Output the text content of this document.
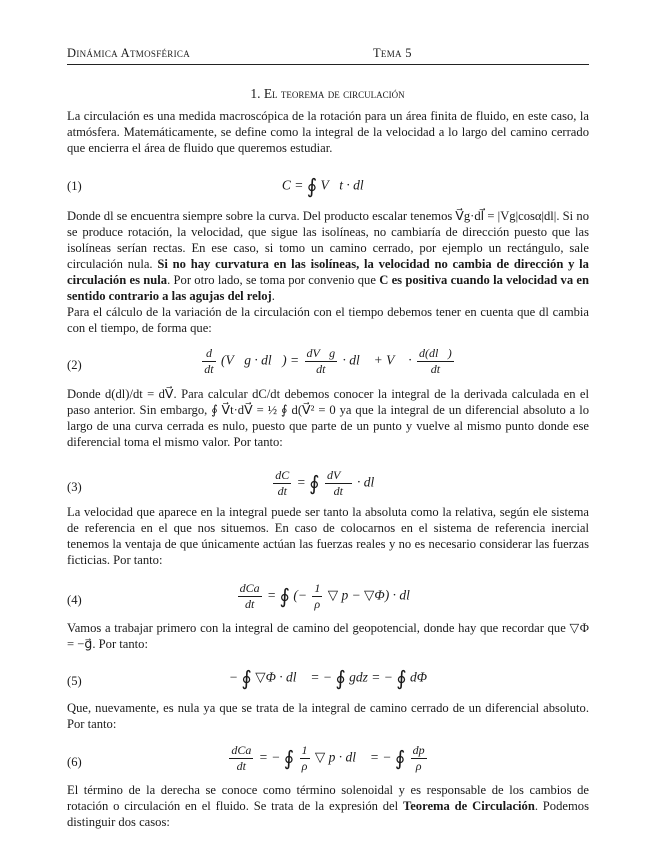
Dinámica Atmosférica	Tema 5
1. El teorema de circulación
La circulación es una medida macroscópica de la rotación para un área finita de fluido, en este caso, la atmósfera. Matemáticamente, se define como la integral de la velocidad a lo largo del camino cerrado que encierra el área de fluido que queremos estudiar.
(1)	C = ∮ V⃗t · dl⃗
Donde dl se encuentra siempre sobre la curva. Del producto escalar tenemos V⃗g·dl⃗ = |Vg|cosα|dl|. Si no se produce rotación, la velocidad, que sigue las isolíneas, no cambiaría de dirección puesto que las isolíneas serían rectas. En ese caso, si tomo un camino cerrado, por ejemplo un rectángulo, sale circulación nula. Si no hay curvatura en las isolíneas, la velocidad no cambia de dirección y la circulación es nula. Por otro lado, se toma por convenio que C es positiva cuando la velocidad va en sentido contrario a las agujas del reloj.
Para el cálculo de la variación de la circulación con el tiempo debemos tener en cuenta que dl cambia con el tiempo, de forma que:
(2)	$\frac{d}{dt}$ (V⃗g · dl⃗) = $\frac{dV⃗g}{dt}$ · dl⃗ + V⃗ · $\frac{d(dl⃗)}{dt}$
Donde d(dl)/dt = dV⃗. Para calcular dC/dt debemos conocer la integral de la derivada calculada en el paso anterior. Sin embargo, ∮ V⃗t·dV⃗ = ½ ∮ d(V⃗² = 0 ya que la integral de un diferencial absoluto a lo largo de una curva cerrada es nulo, puesto que parte de un punto y vuelve al mismo punto donde ese diferencial toma el mismo valor. Por tanto:
(3)	$\frac{dC}{dt}$ = ∮ $\frac{dV⃗}{dt}$ · dl⃗
La velocidad que aparece en la integral puede ser tanto la absoluta como la relativa, según ele sistema de referencia en el que nos situemos. En caso de colocarnos en el sistema de referencia inercial tenemos la ventaja de que únicamente actúan las fuerzas reales y no es necesario considerar las fuerzas ficticias. Por tanto:
(4)	$\frac{\text{dCa}}{dt}$ = ∮ (− $\frac{1}{\rho}$ ▽ p − ▽Φ) · dl⃗
Vamos a trabajar primero con la integral de camino del geopotencial, donde hay que recordar que ▽Φ = −g⃗. Por tanto:
(5)	− ∮ ▽Φ · dl⃗ = − ∮ gdz = − ∮ dΦ
Que, nuevamente, es nula ya que se trata de la integral de camino cerrado de un diferencial absoluto. Por tanto:
(6)	$\frac{\text{dCa}}{dt}$ = − ∮ $\frac{1}{\rho}$ ▽ p · dl⃗ = − ∮ $\frac{dp}{\rho}$
El término de la derecha se conoce como término solenoidal y es responsable de los cambios de rotación o circulación en el fluido. Se trata de la expresión del Teorema de Circulación. Podemos distinguir dos casos:
